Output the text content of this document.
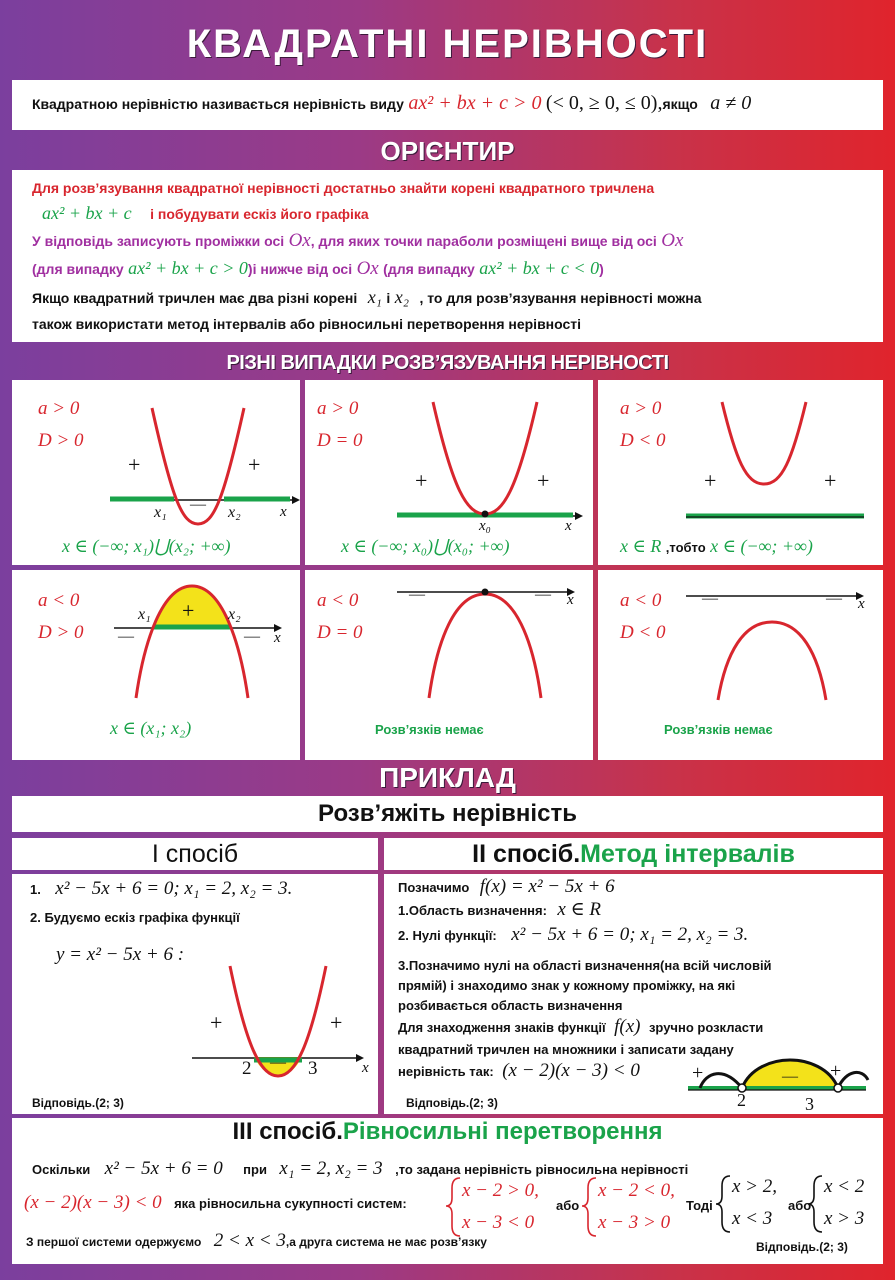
КВАДРАТНІ НЕРІВНОСТІ
Квадратною нерівністю називається нерівність виду ax² + bx + c > 0 (< 0, ≥ 0, ≤ 0),якщо a ≠ 0
ОРІЄНТИР
Для розв’язування квадратної нерівності достатньо знайти корені квадратного тричлена
ax² + bx + c і побудувати ескіз його графіка
У відповідь записують проміжки осі Ox, для яких точки параболи розміщені вище від осі Ox
(для випадку ax² + bx + c > 0)і нижче від осі Ox (для випадку ax² + bx + c < 0)
Якщо квадратний тричлен має два різні корені x₁ і x₂ , то для розв’язування нерівності можна
також використати метод інтервалів або рівносильні перетворення нерівності
РІЗНІ ВИПАДКИ РОЗВ’ЯЗУВАННЯ НЕРІВНОСТІ
a > 0
D > 0
+	+
—
x₁	x₂	x
x ∈ (−∞; x₁)⋃(x₂; +∞)
a > 0
D = 0
+	+
x₀	x
x ∈ (−∞; x₀)⋃(x₀; +∞)
a > 0
D < 0
+	+
x ∈ R ,тобто x ∈ (−∞; +∞)
a < 0
D > 0
+
—	—
x₁	x₂
x
x ∈ (x₁; x₂)
a < 0
D = 0
—	— x
Розв’язків немає
a < 0
D < 0
—	— x
Розв’язків немає
ПРИКЛАД
Розв’яжіть нерівність
І спосіб	ІІ спосіб.Метод інтервалів
1. x² − 5x + 6 = 0; x₁ = 2, x₂ = 3.
2. Будуємо ескіз графіка функції
y = x² − 5x + 6 :
+	+
—
2	3	x
Відповідь.(2; 3)
Позначимо f(x) = x² − 5x + 6
1.Область визначення: x ∈ R
2. Нулі функції: x² − 5x + 6 = 0; x₁ = 2, x₂ = 3.
3.Позначимо нулі на області визначення(на всій числовій
прямій) і знаходимо знак у кожному проміжку, на які
розбивається область визначення
Для знаходження знаків функції f(x) зручно розкласти
квадратний тричлен на множники і записати задану
нерівність так: (x − 2)(x − 3) < 0	+	— +
2	3
Відповідь.(2; 3)
ІІІ спосіб.Рівносильні перетворення
Оскільки x² − 5x + 6 = 0 при x₁ = 2, x₂ = 3 ,то задана нерівність рівносильна нерівності
(x − 2)(x − 3) < 0 яка рівносильна сукупності систем:
x − 2 > 0,
x − 3 < 0
або
x − 2 < 0,
x − 3 > 0
Тоді
x > 2,
x < 3
або
x < 2
x > 3
З першої системи одержуємо 2 < x < 3,а друга система не має розв’язку	Відповідь.(2; 3)
